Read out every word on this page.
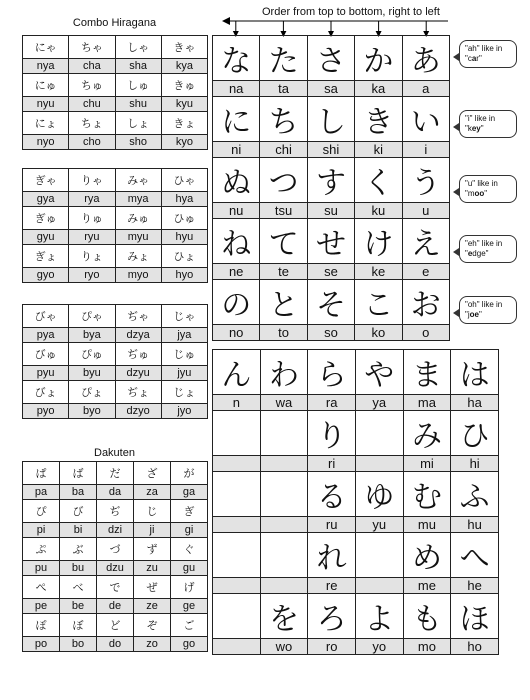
Combo Hiragana
Dakuten
Order from top to bottom, right to left
にゃ	ちゃ	しゃ	きゃ
nya	cha	sha	kya
にゅ	ちゅ	しゅ	きゅ
nyu	chu	shu	kyu
にょ	ちょ	しょ	きょ
nyo	cho	sho	kyo
ぎゃ	りゃ	みゃ	ひゃ
gya	rya	mya	hya
ぎゅ	りゅ	みゅ	ひゅ
gyu	ryu	myu	hyu
ぎょ	りょ	みょ	ひょ
gyo	ryo	myo	hyo
びゃ	ぴゃ	ぢゃ	じゃ
pya	bya	dzya	jya
びゅ	ぴゅ	ぢゅ	じゅ
pyu	byu	dzyu	jyu
びょ	ぴょ	ぢょ	じょ
pyo	byo	dzyo	jyo
ぱ	ば	だ	ざ	が
pa	ba	da	za	ga
ぴ	び	ぢ	じ	ぎ
pi	bi	dzi	ji	gi
ぷ	ぶ	づ	ず	ぐ
pu	bu	dzu	zu	gu
ぺ	べ	で	ぜ	げ
pe	be	de	ze	ge
ぽ	ぼ	ど	ぞ	ご
po	bo	do	zo	go
な	た	さ	か	あ
na	ta	sa	ka	a
に	ち	し	き	い
ni	chi	shi	ki	i
ぬ	つ	す	く	う
nu	tsu	su	ku	u
ね	て	せ	け	え
ne	te	se	ke	e
の	と	そ	こ	お
no	to	so	ko	o
ん	わ	ら	や	ま	は
n	wa	ra	ya	ma	ha
		り		み	ひ
		ri		mi	hi
		る	ゆ	む	ふ
		ru	yu	mu	hu
		れ		め	へ
		re		me	he
	を	ろ	よ	も	ほ
	wo	ro	yo	mo	ho
"ah" like in "car"
"i" like in "key"
"u" like in "moo"
"eh" like in "edge"
"oh" like in "joe"
